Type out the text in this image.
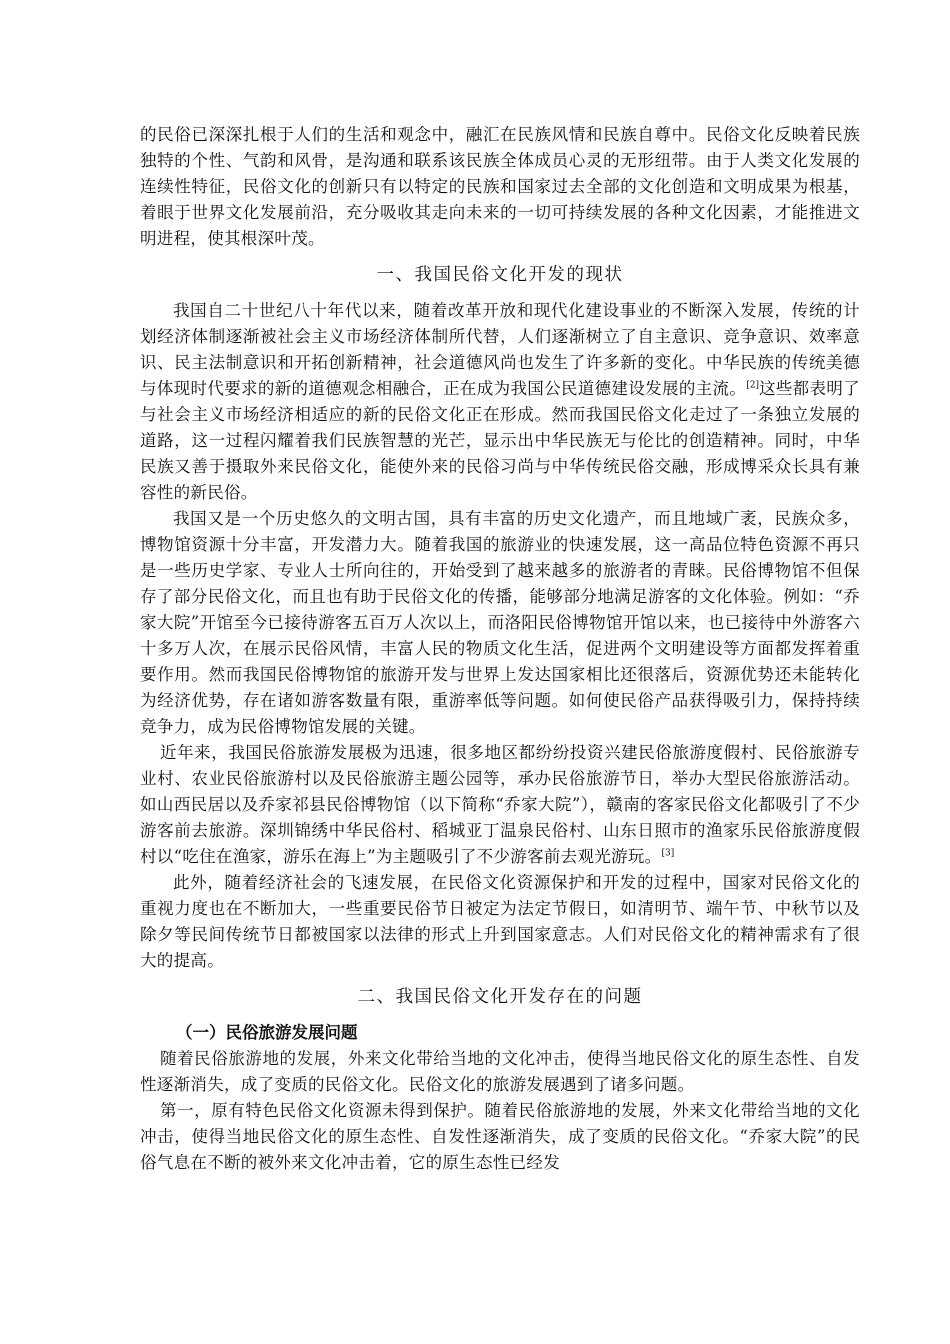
的民俗已深深扎根于人们的生活和观念中，融汇在民族风情和民族自尊中。民俗文化反映着民族独特的个性、气韵和风骨，是沟通和联系该民族全体成员心灵的无形纽带。由于人类文化发展的连续性特征，民俗文化的创新只有以特定的民族和国家过去全部的文化创造和文明成果为根基，着眼于世界文化发展前沿，充分吸收其走向未来的一切可持续发展的各种文化因素，才能推进文明进程，使其根深叶茂。

一、我国民俗文化开发的现状

我国自二十世纪八十年代以来，随着改革开放和现代化建设事业的不断深入发展，传统的计划经济体制逐渐被社会主义市场经济体制所代替，人们逐渐树立了自主意识、竞争意识、效率意识、民主法制意识和开拓创新精神，社会道德风尚也发生了许多新的变化。中华民族的传统美德与体现时代要求的新的道德观念相融合，正在成为我国公民道德建设发展的主流。[2]这些都表明了与社会主义市场经济相适应的新的民俗文化正在形成。然而我国民俗文化走过了一条独立发展的道路，这一过程闪耀着我们民族智慧的光芒，显示出中华民族无与伦比的创造精神。同时，中华民族又善于摄取外来民俗文化，能使外来的民俗习尚与中华传统民俗交融，形成博采众长具有兼容性的新民俗。

我国又是一个历史悠久的文明古国，具有丰富的历史文化遗产，而且地域广袤，民族众多，博物馆资源十分丰富，开发潜力大。随着我国的旅游业的快速发展，这一高品位特色资源不再只是一些历史学家、专业人士所向往的，开始受到了越来越多的旅游者的青睐。民俗博物馆不但保存了部分民俗文化，而且也有助于民俗文化的传播，能够部分地满足游客的文化体验。例如：“乔家大院”开馆至今已接待游客五百万人次以上，而洛阳民俗博物馆开馆以来，也已接待中外游客六十多万人次，在展示民俗风情，丰富人民的物质文化生活，促进两个文明建设等方面都发挥着重要作用。然而我国民俗博物馆的旅游开发与世界上发达国家相比还很落后，资源优势还未能转化为经济优势，存在诸如游客数量有限，重游率低等问题。如何使民俗产品获得吸引力，保持持续竞争力，成为民俗博物馆发展的关键。

近年来，我国民俗旅游发展极为迅速，很多地区都纷纷投资兴建民俗旅游度假村、民俗旅游专业村、农业民俗旅游村以及民俗旅游主题公园等，承办民俗旅游节日，举办大型民俗旅游活动。如山西民居以及乔家祁县民俗博物馆（以下简称“乔家大院”），赣南的客家民俗文化都吸引了不少游客前去旅游。深圳锦绣中华民俗村、稻城亚丁温泉民俗村、山东日照市的渔家乐民俗旅游度假村以“吃住在渔家，游乐在海上”为主题吸引了不少游客前去观光游玩。[3]

此外，随着经济社会的飞速发展，在民俗文化资源保护和开发的过程中，国家对民俗文化的重视力度也在不断加大，一些重要民俗节日被定为法定节假日，如清明节、端午节、中秋节以及除夕等民间传统节日都被国家以法律的形式上升到国家意志。人们对民俗文化的精神需求有了很大的提高。

二、我国民俗文化开发存在的问题
（一）民俗旅游发展问题

随着民俗旅游地的发展，外来文化带给当地的文化冲击，使得当地民俗文化的原生态性、自发性逐渐消失，成了变质的民俗文化。民俗文化的旅游发展遇到了诸多问题。

第一，原有特色民俗文化资源未得到保护。随着民俗旅游地的发展，外来文化带给当地的文化冲击，使得当地民俗文化的原生态性、自发性逐渐消失，成了变质的民俗文化。“乔家大院”的民俗气息在不断的被外来文化冲击着，它的原生态性已经发
